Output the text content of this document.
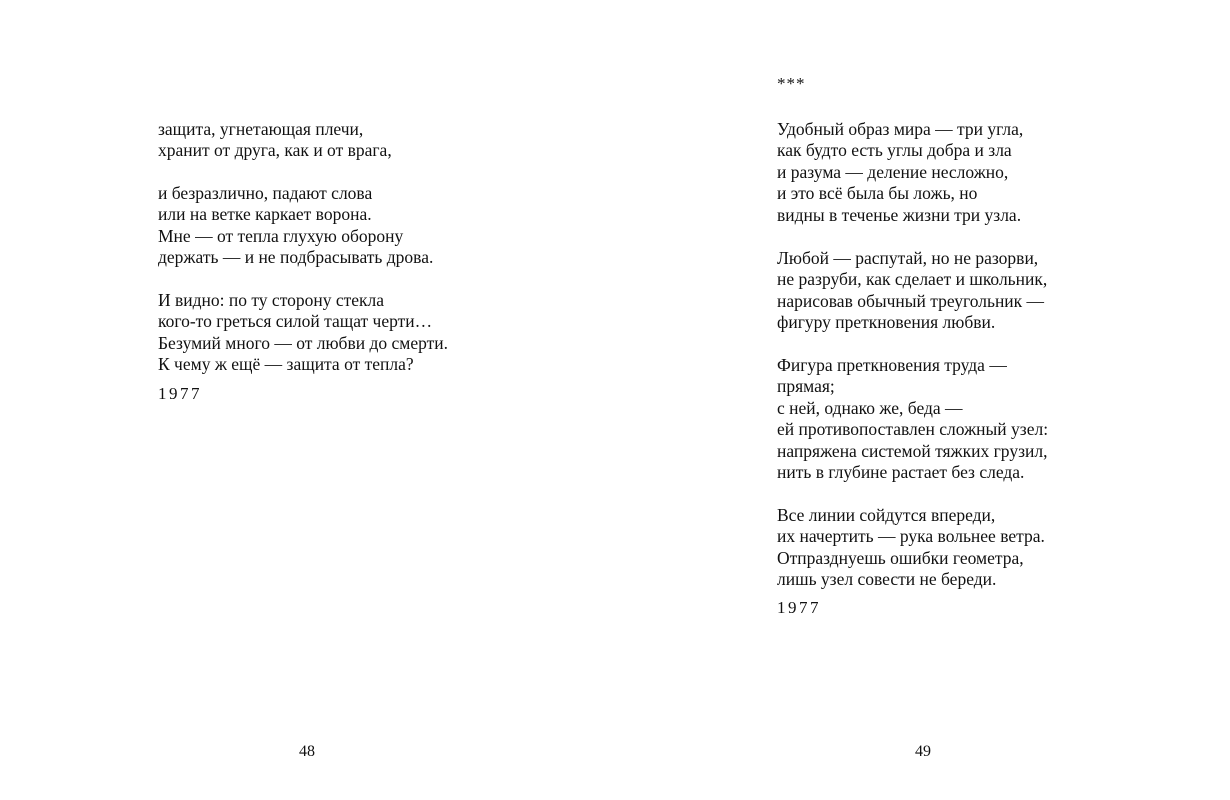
защита, угнетающая плечи,
хранит от друга, как и от врага,
и безразлично, падают слова
или на ветке каркает ворона.
Мне — от тепла глухую оборону
держать — и не подбрасывать дрова.
И видно: по ту сторону стекла
кого-то греться силой тащат черти…
Безумий много — от любви до смерти.
К чему ж ещё — защита от тепла?
1977
48
***
Удобный образ мира — три угла,
как будто есть углы добра и зла
и разума — деление несложно,
и это всё была бы ложь, но
видны в теченье жизни три узла.
Любой — распутай, но не разорви,
не разруби, как сделает и школьник,
нарисовав обычный треугольник —
фигуру преткновения любви.
Фигура преткновения труда —
прямая;
с ней, однако же, беда —
ей противопоставлен сложный узел:
напряжена системой тяжких грузил,
нить в глубине растает без следа.
Все линии сойдутся впереди,
их начертить — рука вольнее ветра.
Отпразднуешь ошибки геометра,
лишь узел совести не береди.
1977
49
